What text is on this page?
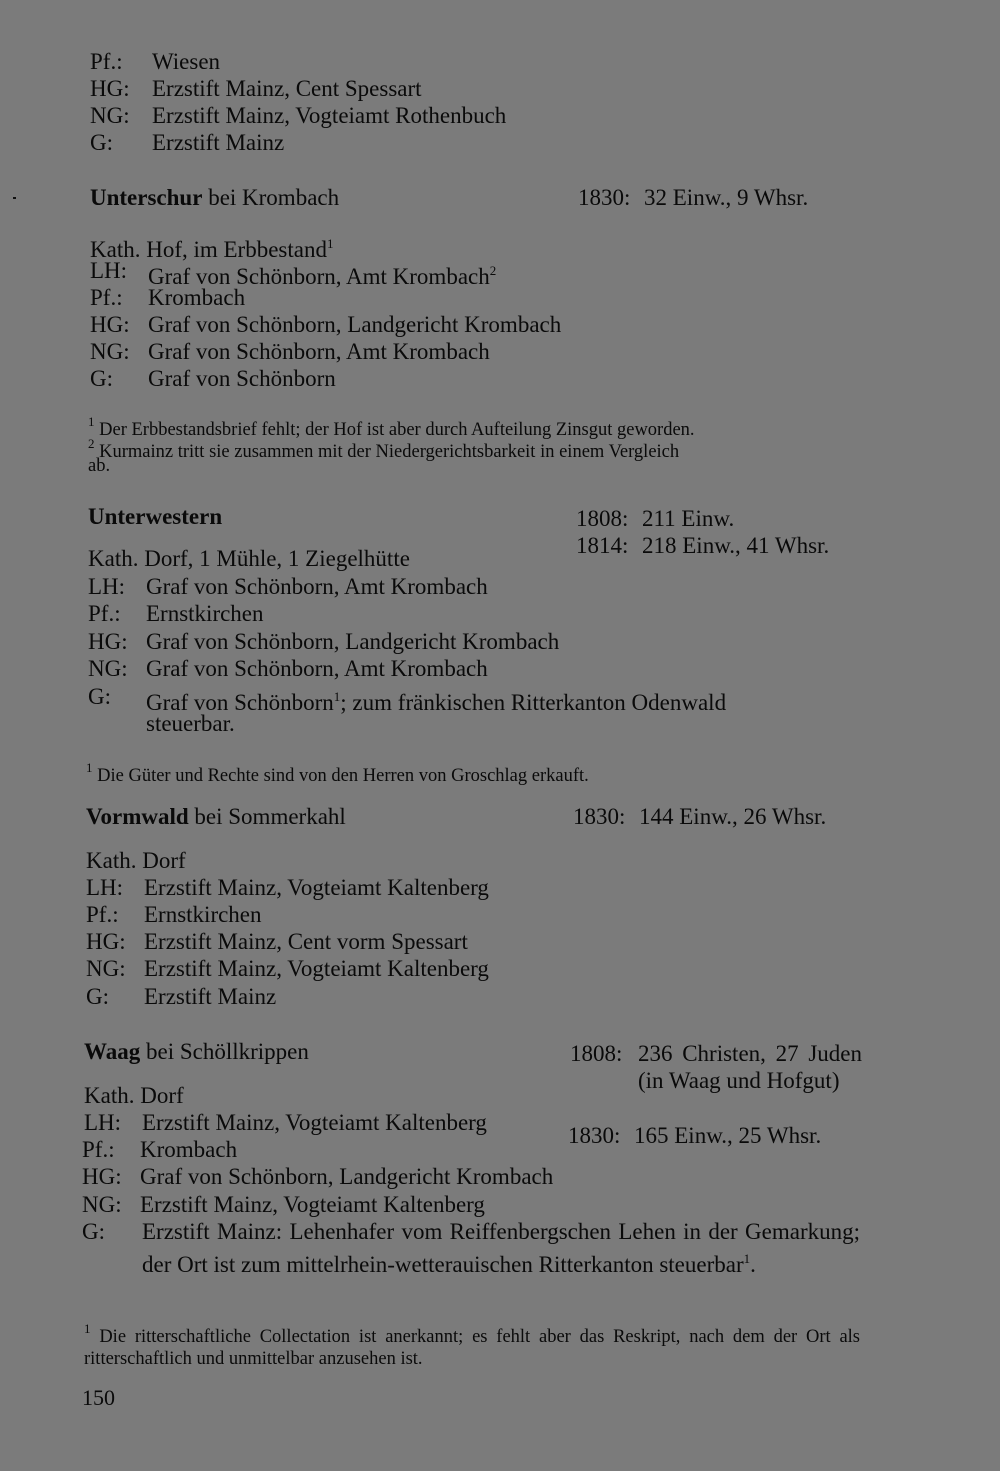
Pf.: Wiesen
HG: Erzstift Mainz, Cent Spessart
NG: Erzstift Mainz, Vogteiamt Rothenbuch
G: Erzstift Mainz
Unterschur bei Krombach	1830: 32 Einw., 9 Whsr.
Kath. Hof, im Erbbestand$^1$
LH: Graf von Schönborn, Amt Krombach$^2$
Pf.: Krombach
HG: Graf von Schönborn, Landgericht Krombach
NG: Graf von Schönborn, Amt Krombach
G: Graf von Schönborn
$^1$ Der Erbbestandsbrief fehlt; der Hof ist aber durch Aufteilung Zinsgut geworden.
$^2$ Kurmainz tritt sie zusammen mit der Niedergerichtsbarkeit in einem Vergleich
ab.
Unterwestern	1808: 211 Einw.
1814: 218 Einw., 41 Whsr.
Kath. Dorf, 1 Mühle, 1 Ziegelhütte
LH: Graf von Schönborn, Amt Krombach
Pf.: Ernstkirchen
HG: Graf von Schönborn, Landgericht Krombach
NG: Graf von Schönborn, Amt Krombach
G: Graf von Schönborn$^1$; zum fränkischen Ritterkanton Odenwald
steuerbar.
$^1$ Die Güter und Rechte sind von den Herren von Groschlag erkauft.
Vormwald bei Sommerkahl	1830: 144 Einw., 26 Whsr.
Kath. Dorf
LH: Erzstift Mainz, Vogteiamt Kaltenberg
Pf.: Ernstkirchen
HG: Erzstift Mainz, Cent vorm Spessart
NG: Erzstift Mainz, Vogteiamt Kaltenberg
G: Erzstift Mainz
Waag bei Schöllkrippen	1808: 236 Christen, 27 Juden (in Waag und Hofgut)
1830: 165 Einw., 25 Whsr.
Kath. Dorf
LH: Erzstift Mainz, Vogteiamt Kaltenberg
Pf.: Krombach
HG: Graf von Schönborn, Landgericht Krombach
NG: Erzstift Mainz, Vogteiamt Kaltenberg
G: Erzstift Mainz: Lehenhafer vom Reiffenbergschen Lehen in der Gemarkung; der Ort ist zum mittelrhein-wetterauischen Ritterkanton steuerbar$^1$.
$^1$ Die ritterschaftliche Collectation ist anerkannt; es fehlt aber das Reskript, nach dem der Ort als ritterschaftlich und unmittelbar anzusehen ist.
150
